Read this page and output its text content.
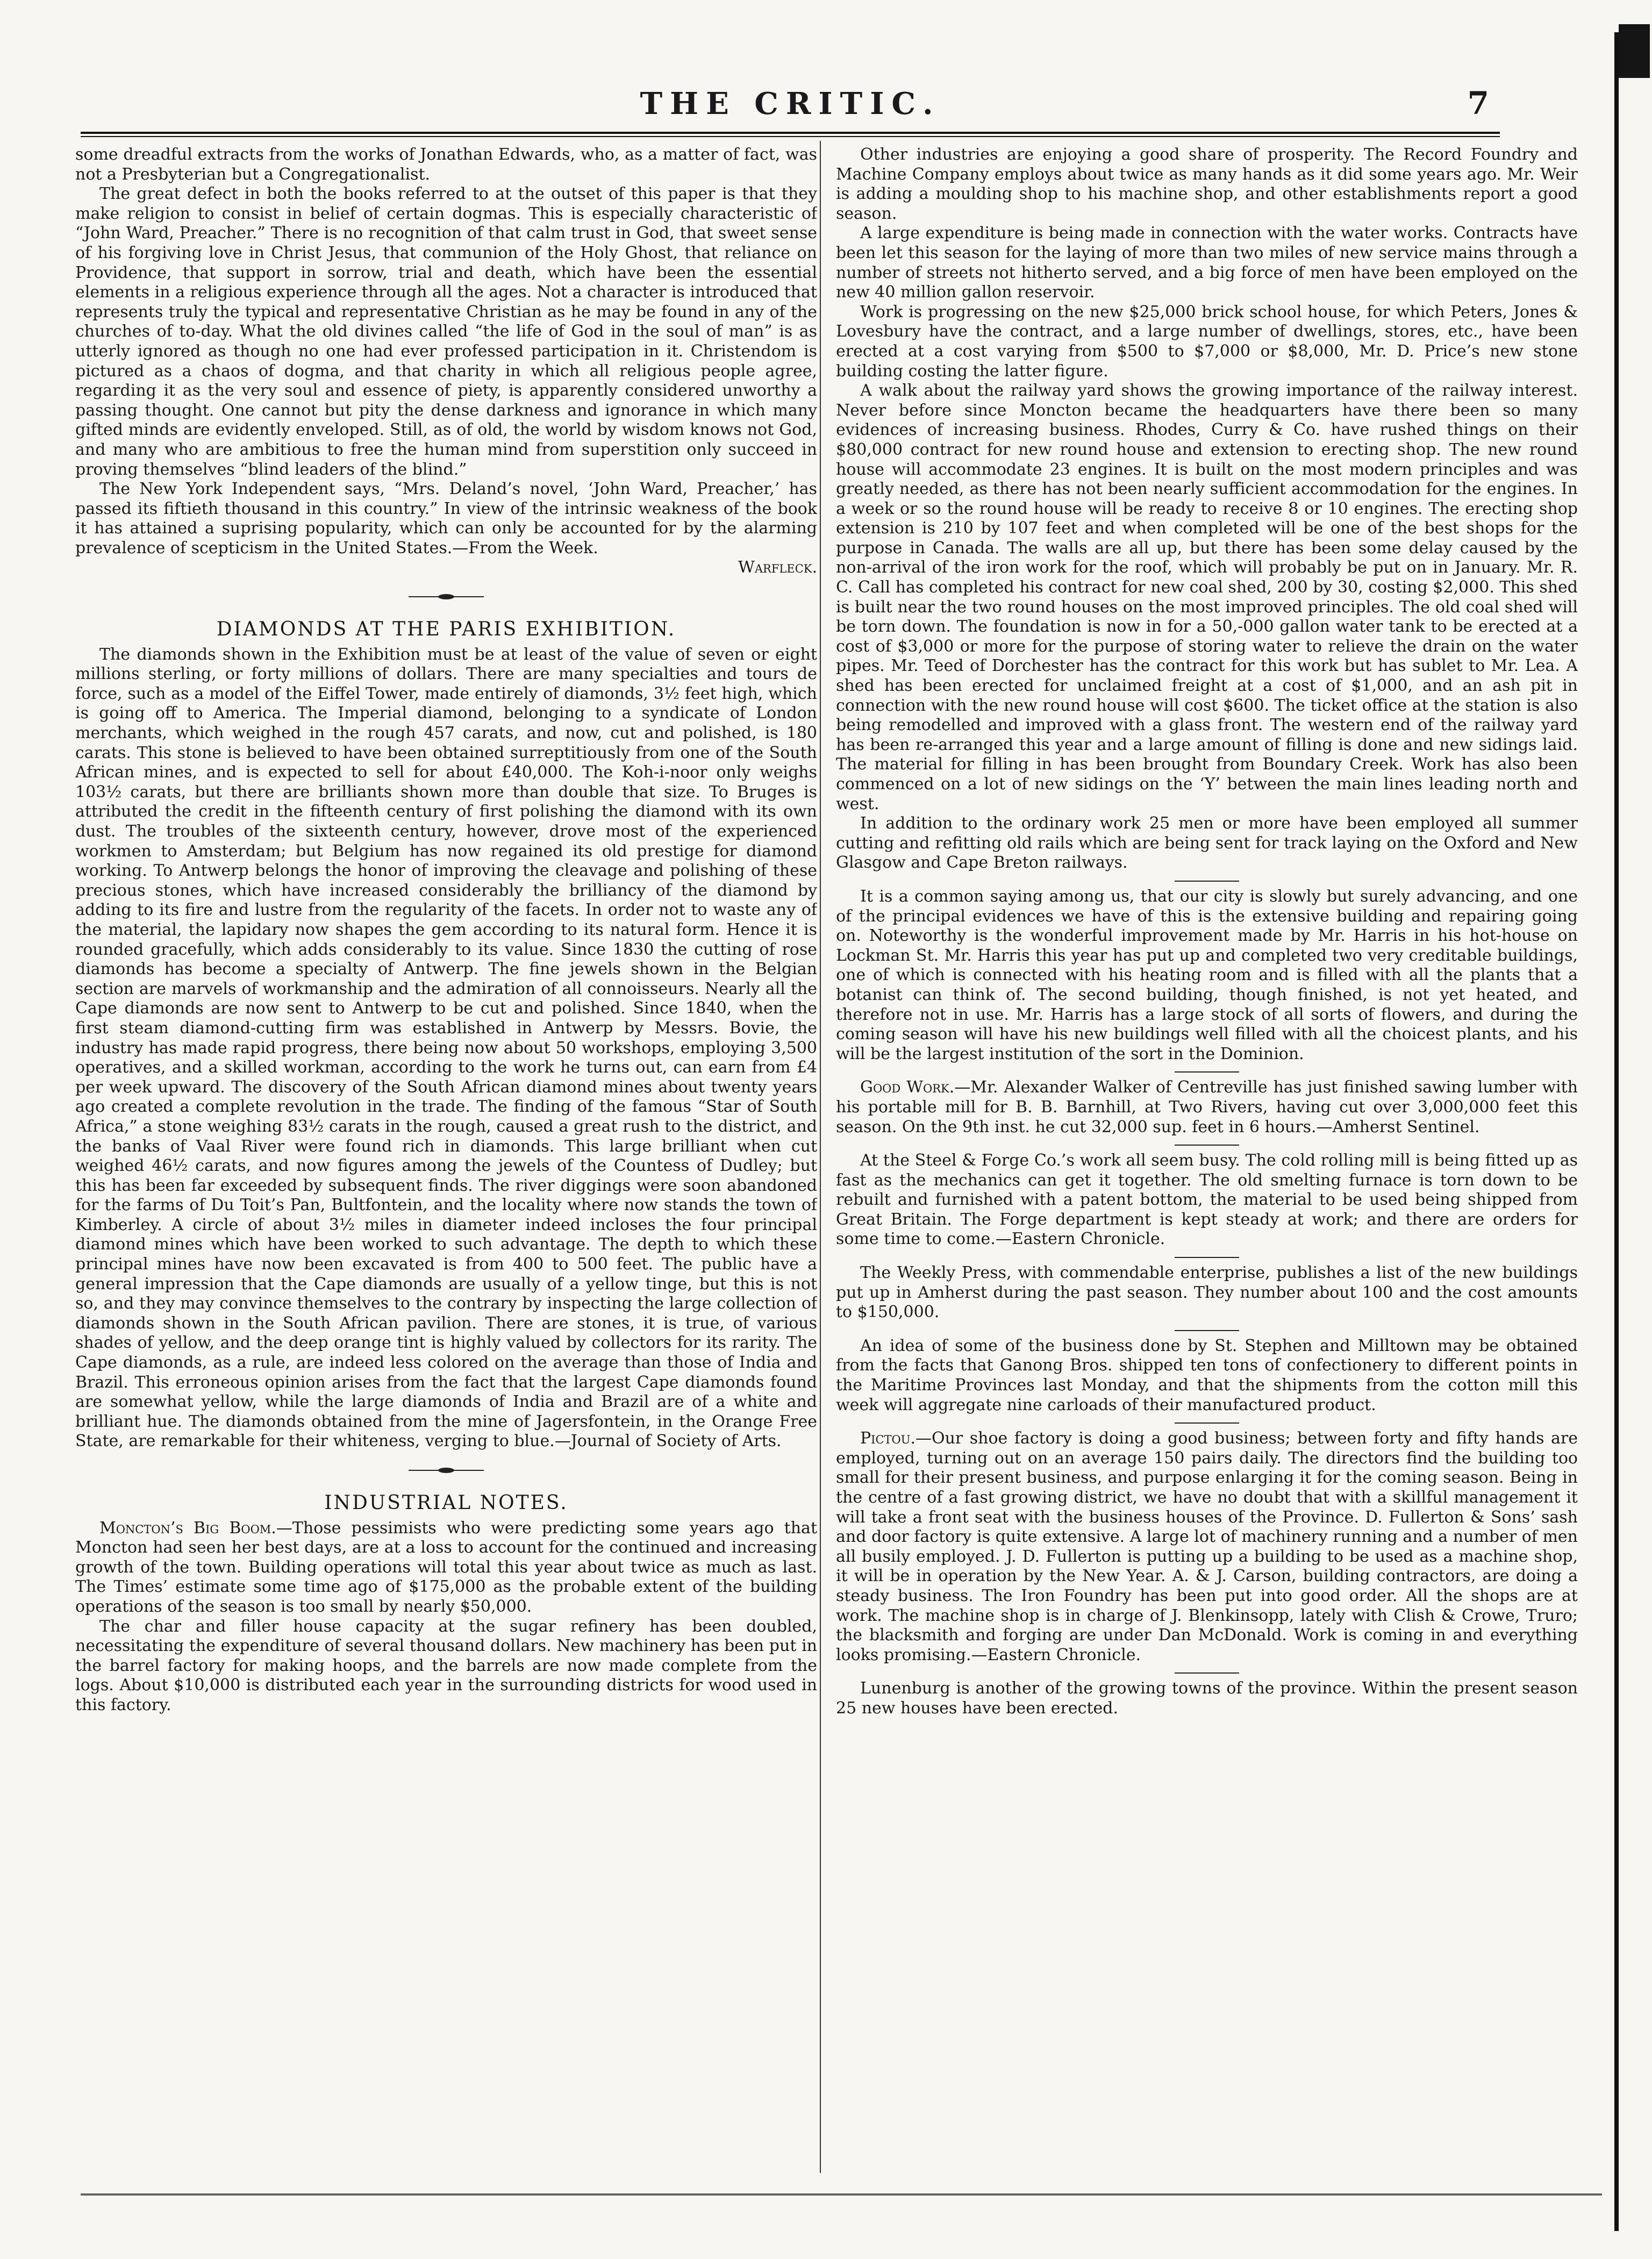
THE CRITIC.	7

some dreadful extracts from the works of Jonathan Edwards, who, as a matter of fact, was not a Presbyterian but a Congregationalist.

The great defect in both the books referred to at the outset of this paper is that they make religion to consist in belief of certain dogmas. This is especially characteristic of “John Ward, Preacher.” There is no recognition of that calm trust in God, that sweet sense of his forgiving love in Christ Jesus, that communion of the Holy Ghost, that reliance on Providence, that support in sorrow, trial and death, which have been the essential elements in a religious experience through all the ages. Not a character is introduced that represents truly the typical and representative Christian as he may be found in any of the churches of to-day. What the old divines called “the life of God in the soul of man” is as utterly ignored as though no one had ever professed participation in it. Christendom is pictured as a chaos of dogma, and that charity in which all religious people agree, regarding it as the very soul and essence of piety, is apparently considered unworthy a passing thought. One cannot but pity the dense darkness and ignorance in which many gifted minds are evidently enveloped. Still, as of old, the world by wisdom knows not God, and many who are ambitious to free the human mind from superstition only succeed in proving themselves “blind leaders of the blind.”

The New York Independent says, “Mrs. Deland’s novel, ‘John Ward, Preacher,’ has passed its fiftieth thousand in this country.” In view of the intrinsic weakness of the book it has attained a suprising popularity, which can only be accounted for by the alarming prevalence of scepticism in the United States.—From the Week.

Warfleck.

DIAMONDS AT THE PARIS EXHIBITION.

The diamonds shown in the Exhibition must be at least of the value of seven or eight millions sterling, or forty millions of dollars. There are many specialties and tours de force, such as a model of the Eiffel Tower, made entirely of diamonds, 3½ feet high, which is going off to America. The Imperial diamond, belonging to a syndicate of London merchants, which weighed in the rough 457 carats, and now, cut and polished, is 180 carats. This stone is believed to have been obtained surreptitiously from one of the South African mines, and is expected to sell for about £40,000. The Koh-i-noor only weighs 103½ carats, but there are brilliants shown more than double that size. To Bruges is attributed the credit in the fifteenth century of first polishing the diamond with its own dust. The troubles of the sixteenth century, however, drove most of the experienced workmen to Amsterdam; but Belgium has now regained its old prestige for diamond working. To Antwerp belongs the honor of improving the cleavage and polishing of these precious stones, which have increased considerably the brilliancy of the diamond by adding to its fire and lustre from the regularity of the facets. In order not to waste any of the material, the lapidary now shapes the gem according to its natural form. Hence it is rounded gracefully, which adds considerably to its value. Since 1830 the cutting of rose diamonds has become a specialty of Antwerp. The fine jewels shown in the Belgian section are marvels of workmanship and the admiration of all connoisseurs. Nearly all the Cape diamonds are now sent to Antwerp to be cut and polished. Since 1840, when the first steam diamond-cutting firm was established in Antwerp by Messrs. Bovie, the industry has made rapid progress, there being now about 50 workshops, employing 3,500 operatives, and a skilled workman, according to the work he turns out, can earn from £4 per week upward. The discovery of the South African diamond mines about twenty years ago created a complete revolution in the trade. The finding of the famous “Star of South Africa,” a stone weighing 83½ carats in the rough, caused a great rush to the district, and the banks of Vaal River were found rich in diamonds. This large brilliant when cut weighed 46½ carats, and now figures among the jewels of the Countess of Dudley; but this has been far exceeded by subsequent finds. The river diggings were soon abandoned for the farms of Du Toit’s Pan, Bultfontein, and the locality where now stands the town of Kimberley. A circle of about 3½ miles in diameter indeed incloses the four principal diamond mines which have been worked to such advantage. The depth to which these principal mines have now been excavated is from 400 to 500 feet. The public have a general impression that the Cape diamonds are usually of a yellow tinge, but this is not so, and they may convince themselves to the contrary by inspecting the large collection of diamonds shown in the South African pavilion. There are stones, it is true, of various shades of yellow, and the deep orange tint is highly valued by collectors for its rarity. The Cape diamonds, as a rule, are indeed less colored on the average than those of India and Brazil. This erroneous opinion arises from the fact that the largest Cape diamonds found are somewhat yellow, while the large diamonds of India and Brazil are of a white and brilliant hue. The diamonds obtained from the mine of Jagersfontein, in the Orange Free State, are remarkable for their whiteness, verging to blue.—Journal of Society of Arts.

INDUSTRIAL NOTES.

Moncton’s Big Boom.—Those pessimists who were predicting some years ago that Moncton had seen her best days, are at a loss to account for the continued and increasing growth of the town. Building operations will total this year about twice as much as last. The Times’ estimate some time ago of $175,000 as the probable extent of the building operations of the season is too small by nearly $50,000.

The char and filler house capacity at the sugar refinery has been doubled, necessitating the expenditure of several thousand dollars. New machinery has been put in the barrel factory for making hoops, and the barrels are now made complete from the logs. About $10,000 is distributed each year in the surrounding districts for wood used in this factory.

Other industries are enjoying a good share of prosperity. The Record Foundry and Machine Company employs about twice as many hands as it did some years ago. Mr. Weir is adding a moulding shop to his machine shop, and other establishments report a good season.

A large expenditure is being made in connection with the water works. Contracts have been let this season for the laying of more than two miles of new service mains through a number of streets not hitherto served, and a big force of men have been employed on the new 40 million gallon reservoir.

Work is progressing on the new $25,000 brick school house, for which Peters, Jones & Lovesbury have the contract, and a large number of dwellings, stores, etc., have been erected at a cost varying from $500 to $7,000 or $8,000, Mr. D. Price’s new stone building costing the latter figure.

A walk about the railway yard shows the growing importance of the railway interest. Never before since Moncton became the headquarters have there been so many evidences of increasing business. Rhodes, Curry & Co. have rushed things on their $80,000 contract for new round house and extension to erecting shop. The new round house will accommodate 23 engines. It is built on the most modern principles and was greatly needed, as there has not been nearly sufficient accommodation for the engines. In a week or so the round house will be ready to receive 8 or 10 engines. The erecting shop extension is 210 by 107 feet and when completed will be one of the best shops for the purpose in Canada. The walls are all up, but there has been some delay caused by the non-arrival of the iron work for the roof, which will probably be put on in January. Mr. R. C. Call has completed his contract for new coal shed, 200 by 30, costing $2,000. This shed is built near the two round houses on the most improved principles. The old coal shed will be torn down. The foundation is now in for a 50,-000 gallon water tank to be erected at a cost of $3,000 or more for the purpose of storing water to relieve the drain on the water pipes. Mr. Teed of Dorchester has the contract for this work but has sublet to Mr. Lea. A shed has been erected for unclaimed freight at a cost of $1,000, and an ash pit in connection with the new round house will cost $600. The ticket office at the station is also being remodelled and improved with a glass front. The western end of the railway yard has been re-arranged this year and a large amount of filling is done and new sidings laid. The material for filling in has been brought from Boundary Creek. Work has also been commenced on a lot of new sidings on the ‘Y’ between the main lines leading north and west.

In addition to the ordinary work 25 men or more have been employed all summer cutting and refitting old rails which are being sent for track laying on the Oxford and New Glasgow and Cape Breton railways.

It is a common saying among us, that our city is slowly but surely advancing, and one of the principal evidences we have of this is the extensive building and repairing going on. Noteworthy is the wonderful improvement made by Mr. Harris in his hot-house on Lockman St. Mr. Harris this year has put up and completed two very creditable buildings, one of which is connected with his heating room and is filled with all the plants that a botanist can think of. The second building, though finished, is not yet heated, and therefore not in use. Mr. Harris has a large stock of all sorts of flowers, and during the coming season will have his new buildings well filled with all the choicest plants, and his will be the largest institution of the sort in the Dominion.

Good Work.—Mr. Alexander Walker of Centreville has just finished sawing lumber with his portable mill for B. B. Barnhill, at Two Rivers, having cut over 3,000,000 feet this season. On the 9th inst. he cut 32,000 sup. feet in 6 hours.—Amherst Sentinel.

At the Steel & Forge Co.’s work all seem busy. The cold rolling mill is being fitted up as fast as the mechanics can get it together. The old smelting furnace is torn down to be rebuilt and furnished with a patent bottom, the material to be used being shipped from Great Britain. The Forge department is kept steady at work; and there are orders for some time to come.—Eastern Chronicle.

The Weekly Press, with commendable enterprise, publishes a list of the new buildings put up in Amherst during the past season. They number about 100 and the cost amounts to $150,000.

An idea of some of the business done by St. Stephen and Milltown may be obtained from the facts that Ganong Bros. shipped ten tons of confectionery to different points in the Maritime Provinces last Monday, and that the shipments from the cotton mill this week will aggregate nine carloads of their manufactured product.

Pictou.—Our shoe factory is doing a good business; between forty and fifty hands are employed, turning out on an average 150 pairs daily. The directors find the building too small for their present business, and purpose enlarging it for the coming season. Being in the centre of a fast growing district, we have no doubt that with a skillful management it will take a front seat with the business houses of the Province. D. Fullerton & Sons’ sash and door factory is quite extensive. A large lot of machinery running and a number of men all busily employed. J. D. Fullerton is putting up a building to be used as a machine shop, it will be in operation by the New Year. A. & J. Carson, building contractors, are doing a steady business. The Iron Foundry has been put into good order. All the shops are at work. The machine shop is in charge of J. Blenkinsopp, lately with Clish & Crowe, Truro; the blacksmith and forging are under Dan McDonald. Work is coming in and everything looks promising.—Eastern Chronicle.

Lunenburg is another of the growing towns of the province. Within the present season 25 new houses have been erected.
